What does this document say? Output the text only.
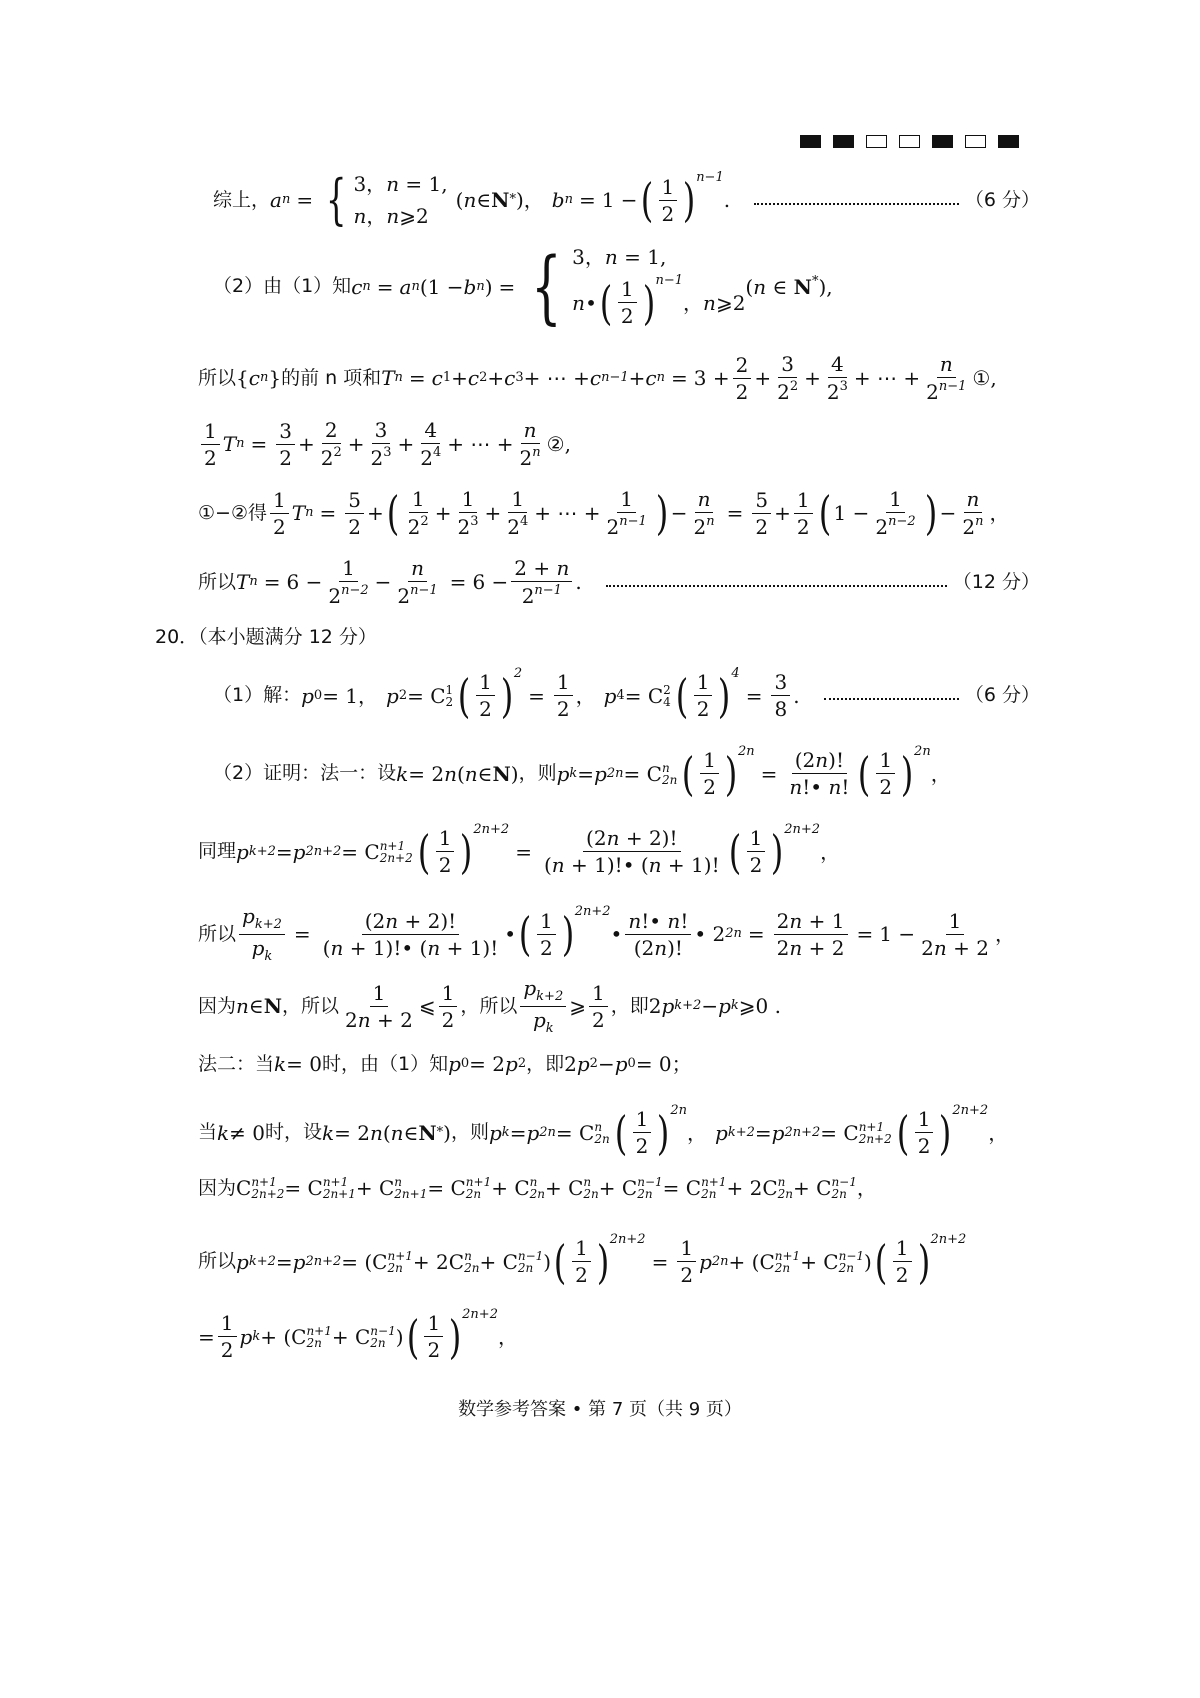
综上， a n = { 3，n = 1,
n，n⩾2
( n ∈ N * )， b n = 1 − ( $\frac{1}{2}$ ) n−1
.	（6 分）
（2）由（1）知 c n = a n (1 − b n ) = { 3，n = 1,
n • ( $\frac{1}{2}$ ) n−1
， n ⩾2
(n ∈ N*),
所以 { c n } 的前 n 项和 T n = c 1 + c 2 + c 3 + ⋯ + c n−1 + c $n = 3 + \frac{2}{2} + \frac{3}{2^2} + \frac{4}{2^3}$ + ⋯ + $\frac{n}{2^{n-1}}$ ① ,
$\frac{1}{2}$ T $n = \frac{3}{2} + \frac{2}{2^2} + \frac{3}{2^3} + \frac{4}{2^4}$ + ⋯ + $\frac{n}{2^n}$ ② ,
①−②得 $\frac{1}{2}$ T $n = \frac{5}{2}$ + ( $\frac{1}{2^2} + \frac{1}{2^3} + \frac{1}{2^4}$ + ⋯ + $\frac{1}{2^{n-1}}$ ) − $\frac{n}{2^n} = \frac{5}{2} + \frac{1}{2}$ ( $1 - \frac{1}{2^{n-2}}$ ) − $\frac{n}{2^n}$ ，
所以 T $n = 6 - \frac{1}{2^{n-2}} - \frac{n}{2^{n-1}} = 6 - \frac{2 + n}{2^{n-1}}$ .	（12 分）
20．（本小题满分 12 分）
（1）解： p 0 = 1， p 2 = C 1
2 ( $\frac{1}{2}$ ) 2
= $\frac{1}{2}$ ， p 4 = C 2
4 ( $\frac{1}{2}$ ) 4
= $\frac{3}{8}$ .	（6 分）
（2）证明：法一：设 k = 2 n ( n ∈ N ) ，则 p k = p 2n = C n
2n ( $\frac{1}{2}$ ) 2n
= $\frac{(2n)!}{n!• n!}$ ( $\frac{1}{2}$ ) 2n
，
同理 p k+2 = p 2n+2 = C n+1
2n+2 ( $\frac{1}{2}$ ) 2n+2
= $\frac{(2n + 2)!}{(n + 1)!• (n + 1)!}$ ( $\frac{1}{2}$ ) 2n+2
，
所以 $\frac{p_{k+2}}{p_k} = \frac{(2n + 2)!}{(n + 1)!• (n + 1)!}$ • ( $\frac{1}{2}$ ) 2n+2
• $\frac{n!• n!}{(2n)!}$ • 2 $2n = \frac{2n + 1}{2n + 2} = 1 - \frac{1}{2n + 2}$ ，
因为 n ∈ N ，所以 $\frac{1}{2n + 2}$ ⩽ $\frac{1}{2}$ ，所以 $\frac{p_{k+2}}{p_k}$ ⩾ $\frac{1}{2}$ ，即 2 p k+2 − p k ⩾0 .
法二：当 k = 0 时，由（1）知 p 0 = 2 p 2 ，即 2 p 2 − p 0 = 0；
当 k ≠ 0 时，设 k = 2 n ( n ∈ N * ) ，则 p k = p 2n = C n
2n ( $\frac{1}{2}$ ) 2n
， p k+2 = p 2n+2 = C n+1
2n+2 ( $\frac{1}{2}$ ) 2n+2
，
因为 C n+1
2n+2 = C n+1
2n+1 + C n
2n+1 = C n+1
2n + C n
2n + C n
2n + C n−1
2n = C n+1
2n + 2C n
2n + C n−1
2n ，
所以 p k+2 = p 2n+2 = (C n+1
2n + 2C n
2n + C n−1
2n ) ( $\frac{1}{2}$ ) 2n+2
= $\frac{1}{2}$ p 2n + (C n+1
2n + C n−1
2n ) ( $\frac{1}{2}$ ) 2n+2
= $\frac{1}{2}$ p k + (C n+1
2n + C n−1
2n ) ( $\frac{1}{2}$ ) 2n+2
，
数学参考答案 • 第 7 页（共 9 页）
